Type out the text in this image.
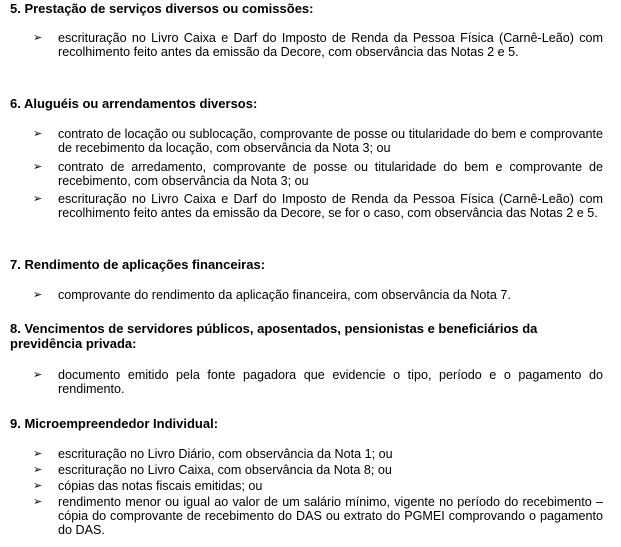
5. Prestação de serviços diversos ou comissões:
➢	escrituração no Livro Caixa e Darf do Imposto de Renda da Pessoa Física (Carnê-Leão) com recolhimento feito antes da emissão da Decore, com observância das Notas 2 e 5.
6. Aluguéis ou arrendamentos diversos:
➢	contrato de locação ou sublocação, comprovante de posse ou titularidade do bem e comprovante de recebimento da locação, com observância da Nota 3; ou
➢	contrato de arredamento, comprovante de posse ou titularidade do bem e comprovante de recebimento, com observância da Nota 3; ou
➢	escrituração no Livro Caixa e Darf do Imposto de Renda da Pessoa Física (Carnê-Leão) com recolhimento feito antes da emissão da Decore, se for o caso, com observância das Notas 2 e 5.
7. Rendimento de aplicações financeiras:
➢	comprovante do rendimento da aplicação financeira, com observância da Nota 7.
8. Vencimentos de servidores públicos, aposentados, pensionistas e beneficiários da previdência privada:
➢	documento emitido pela fonte pagadora que evidencie o tipo, período e o pagamento do rendimento.
9. Microempreendedor Individual:
➢	escrituração no Livro Diário, com observância da Nota 1; ou
➢	escrituração no Livro Caixa, com observância da Nota 8; ou
➢	cópias das notas fiscais emitidas; ou
➢	rendimento menor ou igual ao valor de um salário mínimo, vigente no período do recebimento – cópia do comprovante de recebimento do DAS ou extrato do PGMEI comprovando o pagamento do DAS.
